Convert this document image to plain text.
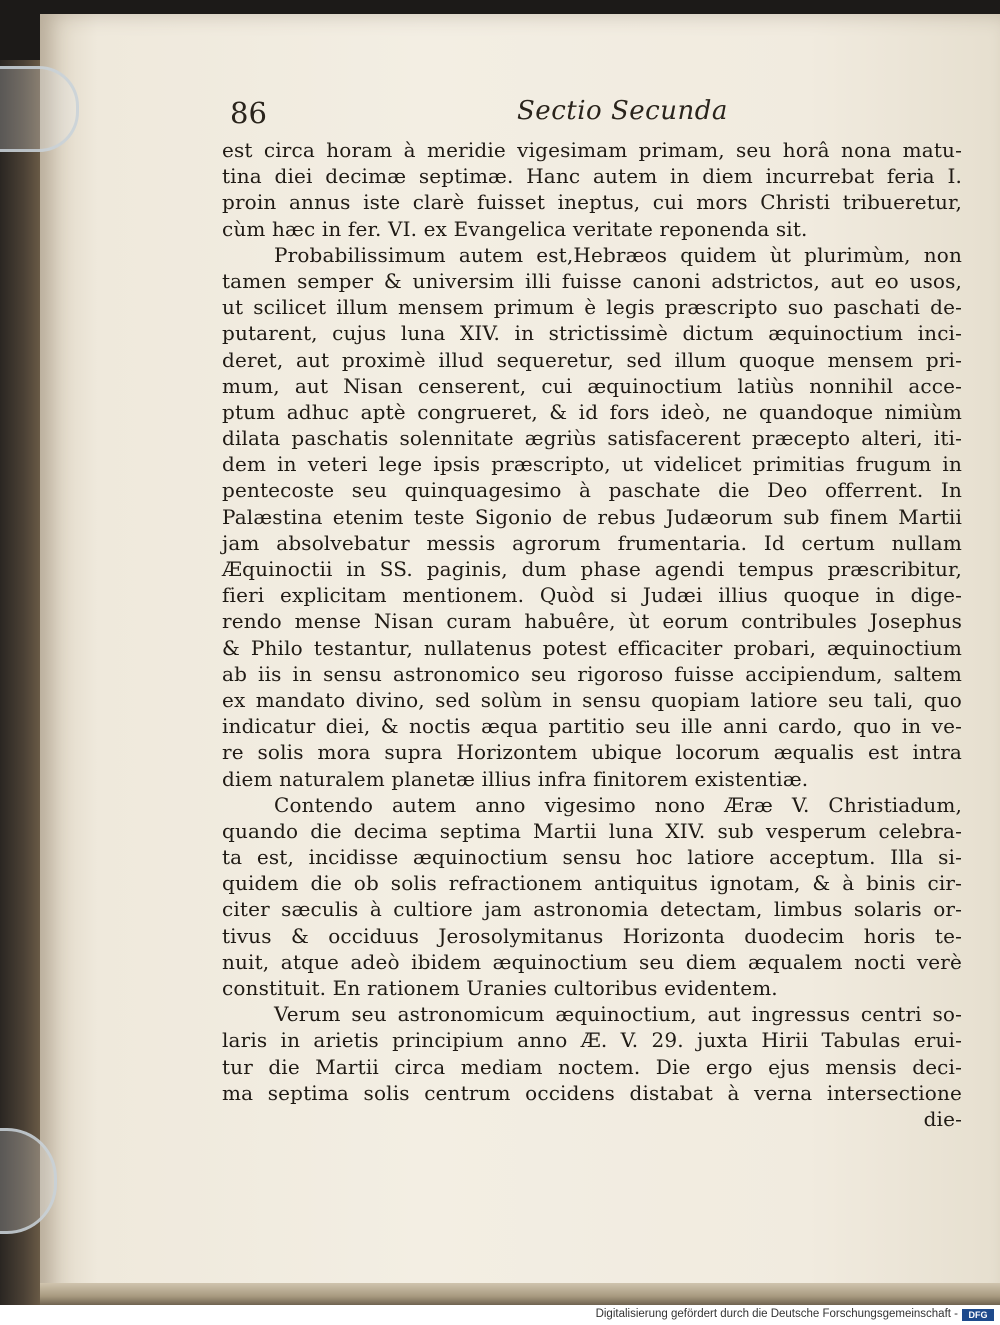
86	Sectio Secunda
est circa horam à meridie vigesimam primam, seu horâ nona matu-
tina diei decimæ septimæ. Hanc autem in diem incurrebat feria I.
proin annus iste clarè fuisset ineptus, cui mors Christi tribueretur,
cùm hæc in fer. VI. ex Evangelica veritate reponenda sit.
Probabilissimum autem est,Hebræos quidem ùt plurimùm, non
tamen semper & universim illi fuisse canoni adstrictos, aut eo usos,
ut scilicet illum mensem primum è legis præscripto suo paschati de-
putarent, cujus luna XIV. in strictissimè dictum æquinoctium inci-
deret, aut proximè illud sequeretur, sed illum quoque mensem pri-
mum, aut Nisan censerent, cui æquinoctium latiùs nonnihil acce-
ptum adhuc aptè congrueret, & id fors ideò, ne quandoque nimiùm
dilata paschatis solennitate ægriùs satisfacerent præcepto alteri, iti-
dem in veteri lege ipsis præscripto, ut videlicet primitias frugum in
pentecoste seu quinquagesimo à paschate die Deo offerrent. In
Palæstina etenim teste Sigonio de rebus Judæorum sub finem Martii
jam absolvebatur messis agrorum frumentaria. Id certum nullam
Æquinoctii in SS. paginis, dum phase agendi tempus præscribitur,
fieri explicitam mentionem. Quòd si Judæi illius quoque in dige-
rendo mense Nisan curam habuêre, ùt eorum contribules Josephus
& Philo testantur, nullatenus potest efficaciter probari, æquinoctium
ab iis in sensu astronomico seu rigoroso fuisse accipiendum, saltem
ex mandato divino, sed solùm in sensu quopiam latiore seu tali, quo
indicatur diei, & noctis æqua partitio seu ille anni cardo, quo in ve-
re solis mora supra Horizontem ubique locorum æqualis est intra
diem naturalem planetæ illius infra finitorem existentiæ.
Contendo autem anno vigesimo nono Æræ V. Christiadum,
quando die decima septima Martii luna XIV. sub vesperum celebra-
ta est, incidisse æquinoctium sensu hoc latiore acceptum. Illa si-
quidem die ob solis refractionem antiquitus ignotam, & à binis cir-
citer sæculis à cultiore jam astronomia detectam, limbus solaris or-
tivus & occiduus Jerosolymitanus Horizonta duodecim horis te-
nuit, atque adeò ibidem æquinoctium seu diem æqualem nocti verè
constituit. En rationem Uranies cultoribus evidentem.
Verum seu astronomicum æquinoctium, aut ingressus centri so-
laris in arietis principium anno Æ. V. 29. juxta Hirii Tabulas erui-
tur die Martii circa mediam noctem. Die ergo ejus mensis deci-
ma septima solis centrum occidens distabat à verna intersectione
die-
Digitalisierung gefördert durch die Deutsche Forschungsgemeinschaft -	DFG
